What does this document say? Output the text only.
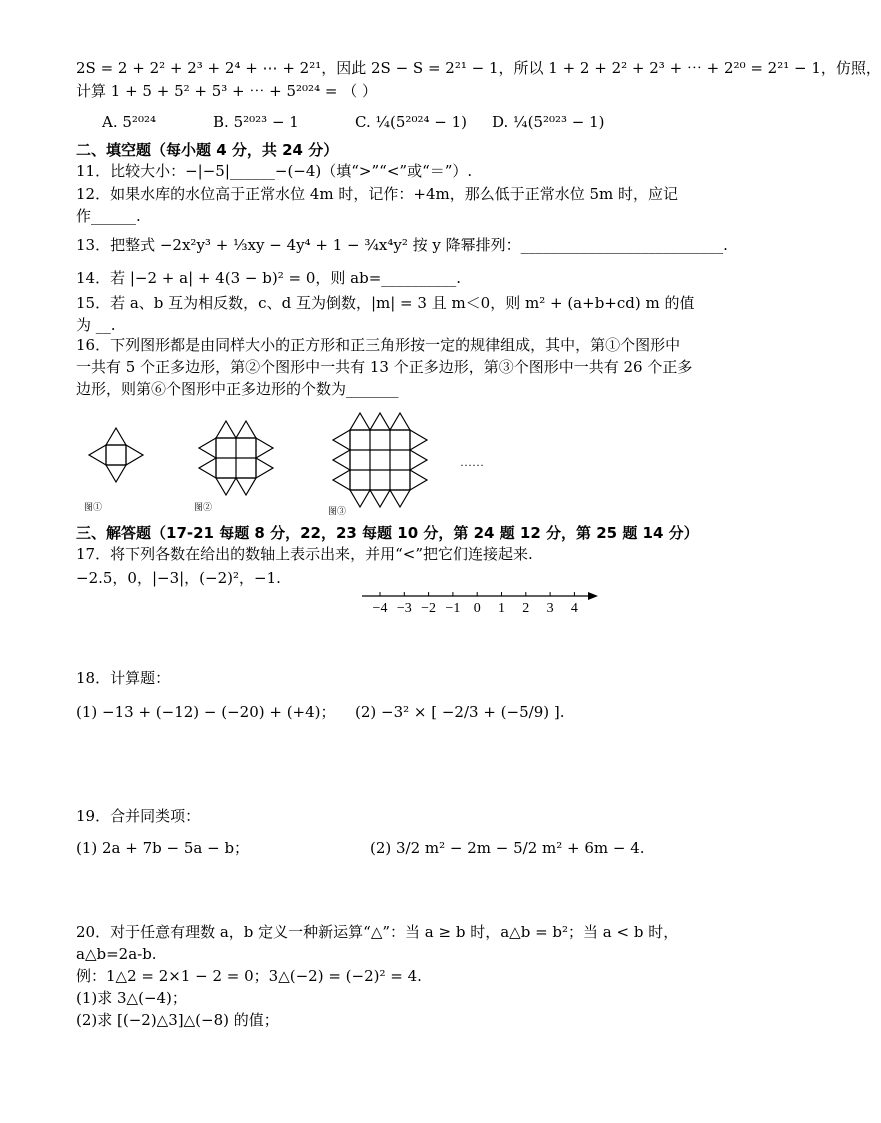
2S = 2 + 2² + 2³ + 2⁴ + ⋯ + 2²¹，因此 2S − S = 2²¹ − 1，所以 1 + 2 + 2² + 2³ + ⋯ + 2²⁰ = 2²¹ − 1，仿照，
计算 1 + 5 + 5² + 5³ + ⋯ + 5²⁰²⁴ = （ ）
A. 5²⁰²⁴	B. 5²⁰²³ − 1	C. ¼(5²⁰²⁴ − 1) D. ¼(5²⁰²³ − 1)
二、填空题（每小题 4 分，共 24 分）
11．比较大小：−|−5|______−(−4)（填“>”“<”或“＝”）.
12．如果水库的水位高于正常水位 4m 时，记作：+4m，那么低于正常水位 5m 时，应记
作______.
13．把整式 −2x²y³ + ⅓xy − 4y⁴ + 1 − ¾x⁴y² 按 y 降幂排列：___________________________.
14．若 |−2 + a| + 4(3 − b)² = 0，则 ab=__________.
15．若 a、b 互为相反数，c、d 互为倒数，|m| = 3 且 m＜0，则 m² + (a+b+cd) m 的值
为 __.
16．下列图形都是由同样大小的正方形和正三角形按一定的规律组成，其中，第①个图形中
一共有 5 个正多边形，第②个图形中一共有 13 个正多边形，第③个图形中一共有 26 个正多
边形，则第⑥个图形中正多边形的个数为_______
图①	图②	图③
……
三、解答题（17-21 每题 8 分，22，23 每题 10 分，第 24 题 12 分，第 25 题 14 分）
17．将下列各数在给出的数轴上表示出来，并用“<”把它们连接起来.
−2.5，0，|−3|，(−2)²，−1.
−4 −3 −2 −1 0 1 2 3 4
18．计算题：
(1) −13 + (−12) − (−20) + (+4)； (2) −3² × [ −2/3 + (−5/9) ].
19．合并同类项：
(1) 2a + 7b − 5a − b；	(2) 3/2 m² − 2m − 5/2 m² + 6m − 4.
20．对于任意有理数 a，b 定义一种新运算“△”：当 a ≥ b 时，a△b = b²；当 a < b 时，
a△b=2a-b.
例：1△2 = 2×1 − 2 = 0；3△(−2) = (−2)² = 4.
(1)求 3△(−4)；
(2)求 [(−2)△3]△(−8) 的值；
